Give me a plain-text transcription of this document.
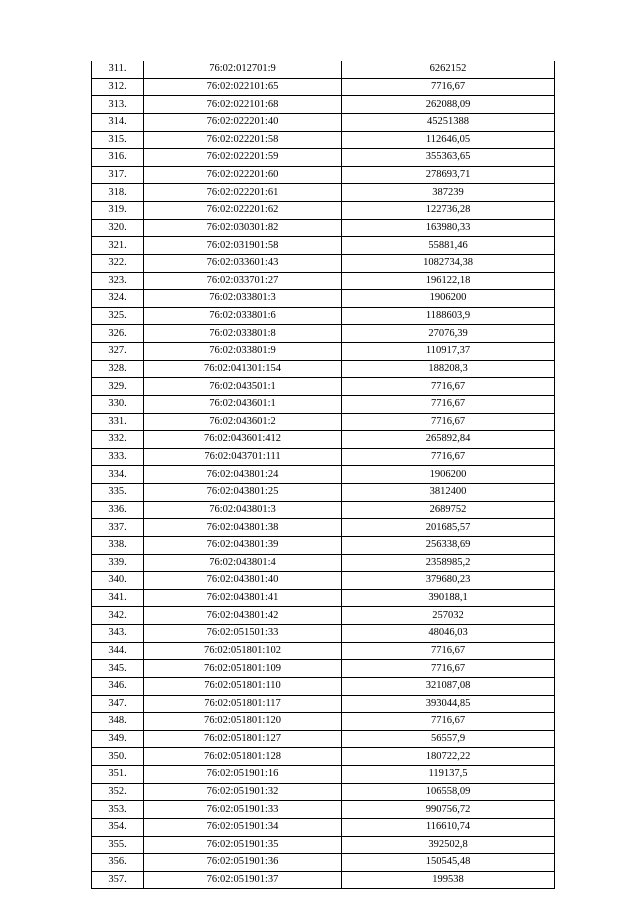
311.	76:02:012701:9	6262152
312.	76:02:022101:65	7716,67
313.	76:02:022101:68	262088,09
314.	76:02:022201:40	45251388
315.	76:02:022201:58	112646,05
316.	76:02:022201:59	355363,65
317.	76:02:022201:60	278693,71
318.	76:02:022201:61	387239
319.	76:02:022201:62	122736,28
320.	76:02:030301:82	163980,33
321.	76:02:031901:58	55881,46
322.	76:02:033601:43	1082734,38
323.	76:02:033701:27	196122,18
324.	76:02:033801:3	1906200
325.	76:02:033801:6	1188603,9
326.	76:02:033801:8	27076,39
327.	76:02:033801:9	110917,37
328.	76:02:041301:154	188208,3
329.	76:02:043501:1	7716,67
330.	76:02:043601:1	7716,67
331.	76:02:043601:2	7716,67
332.	76:02:043601:412	265892,84
333.	76:02:043701:111	7716,67
334.	76:02:043801:24	1906200
335.	76:02:043801:25	3812400
336.	76:02:043801:3	2689752
337.	76:02:043801:38	201685,57
338.	76:02:043801:39	256338,69
339.	76:02:043801:4	2358985,2
340.	76:02:043801:40	379680,23
341.	76:02:043801:41	390188,1
342.	76:02:043801:42	257032
343.	76:02:051501:33	48046,03
344.	76:02:051801:102	7716,67
345.	76:02:051801:109	7716,67
346.	76:02:051801:110	321087,08
347.	76:02:051801:117	393044,85
348.	76:02:051801:120	7716,67
349.	76:02:051801:127	56557,9
350.	76:02:051801:128	180722,22
351.	76:02:051901:16	119137,5
352.	76:02:051901:32	106558,09
353.	76:02:051901:33	990756,72
354.	76:02:051901:34	116610,74
355.	76:02:051901:35	392502,8
356.	76:02:051901:36	150545,48
357.	76:02:051901:37	199538
